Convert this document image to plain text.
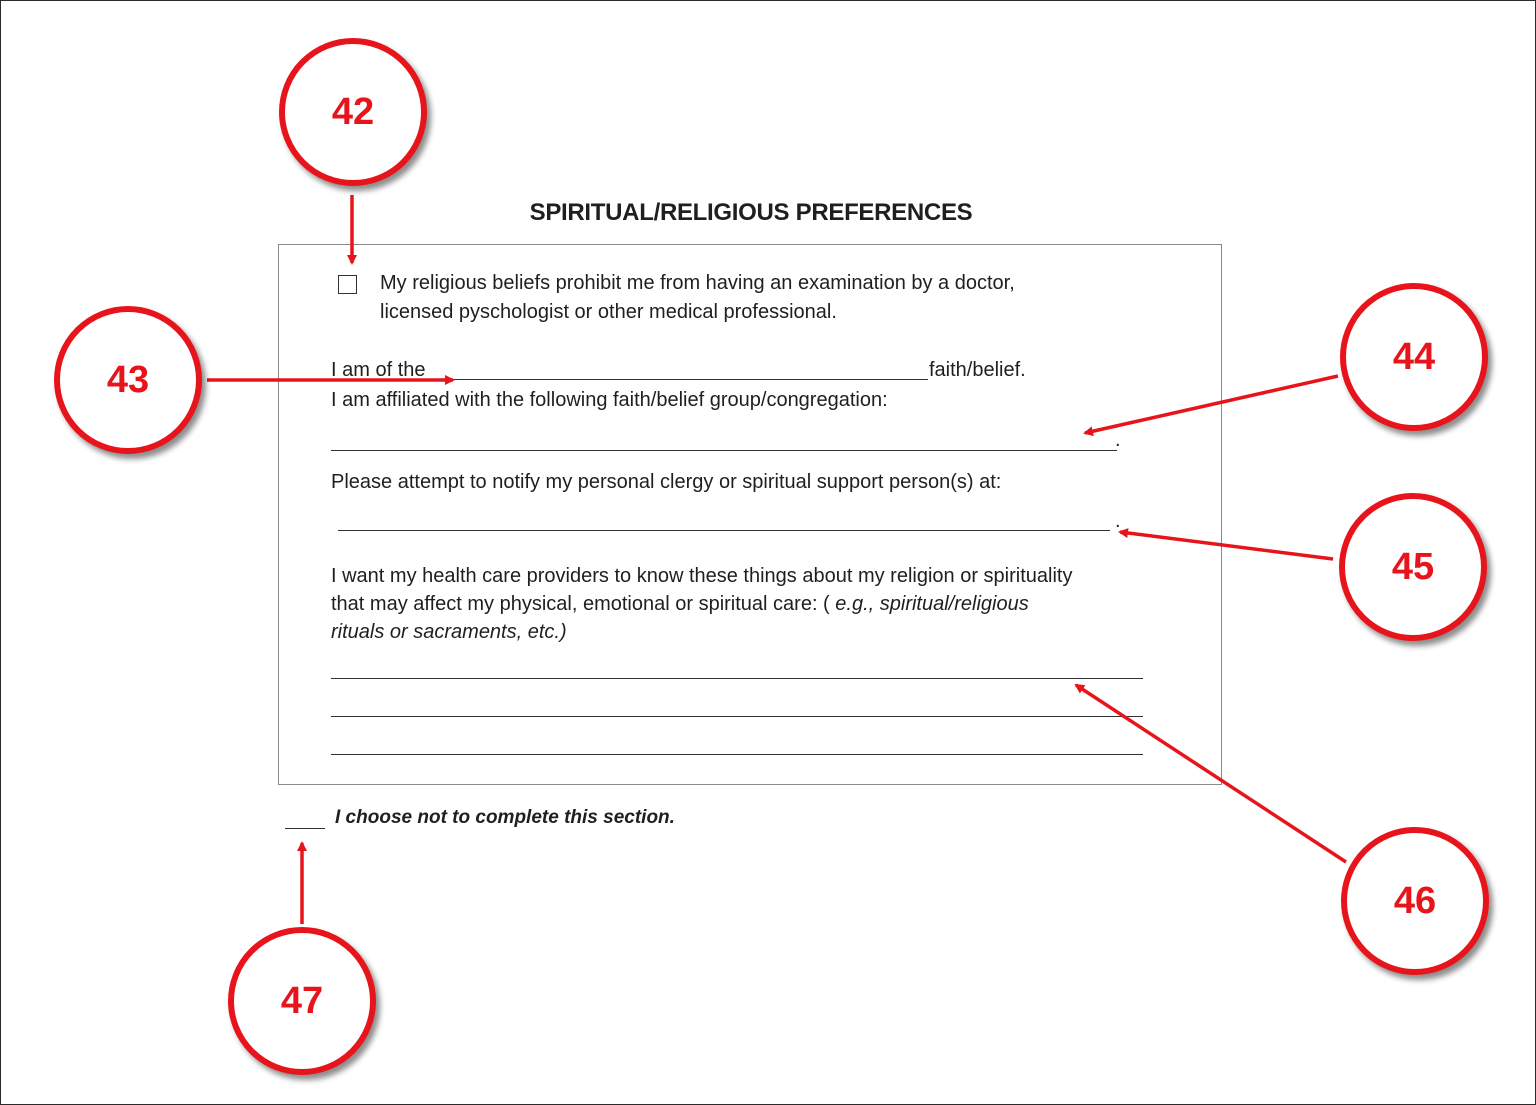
SPIRITUAL/RELIGIOUS PREFERENCES
My religious beliefs prohibit me from having an examination by a doctor,
licensed pyschologist or other medical professional.
I am of the	faith/belief.
I am affiliated with the following faith/belief group/congregation:
.
Please attempt to notify my personal clergy or spiritual support person(s) at:
.
I want my health care providers to know these things about my religion or spirituality
that may affect my physical, emotional or spiritual care: ( e.g., spiritual/religious
rituals or sacraments, etc.)
I choose not to complete this section.
42
43
44
45
46
47
